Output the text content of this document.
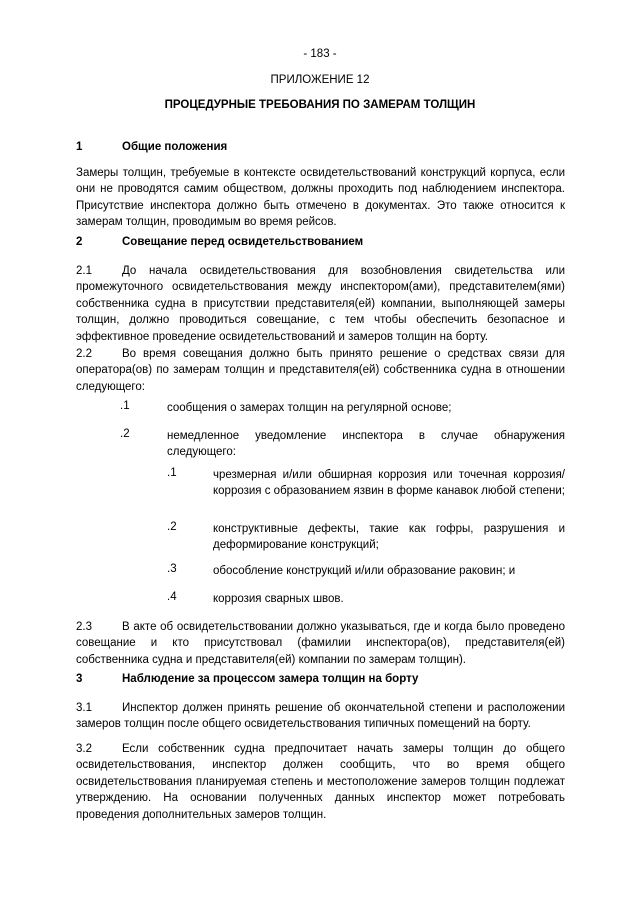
- 183 -
ПРИЛОЖЕНИЕ 12
ПРОЦЕДУРНЫЕ ТРЕБОВАНИЯ ПО ЗАМЕРАМ ТОЛЩИН
1	Общие положения
Замеры толщин, требуемые в контексте освидетельствований конструкций корпуса, если они не проводятся самим обществом, должны проходить под наблюдением инспектора. Присутствие инспектора должно быть отмечено в документах. Это также относится к замерам толщин, проводимым во время рейсов.
2	Совещание перед освидетельствованием
2.1	До начала освидетельствования для возобновления свидетельства или промежуточного освидетельствования между инспектором(ами), представителем(ями) собственника судна в присутствии представителя(ей) компании, выполняющей замеры толщин, должно проводиться совещание, с тем чтобы обеспечить безопасное и эффективное проведение освидетельствований и замеров толщин на борту.
2.2	Во время совещания должно быть принято решение о средствах связи для оператора(ов) по замерам толщин и представителя(ей) собственника судна в отношении следующего:
.1	сообщения о замерах толщин на регулярной основе;
.2	немедленное уведомление инспектора в случае обнаружения следующего:
.1	чрезмерная и/или обширная коррозия или точечная коррозия/коррозия с образованием язвин в форме канавок любой степени;
.2	конструктивные дефекты, такие как гофры, разрушения и деформирование конструкций;
.3	обособление конструкций и/или образование раковин; и
.4	коррозия сварных швов.
2.3	В акте об освидетельствовании должно указываться, где и когда было проведено совещание и кто присутствовал (фамилии инспектора(ов), представителя(ей) собственника судна и представителя(ей) компании по замерам толщин).
3	Наблюдение за процессом замера толщин на борту
3.1	Инспектор должен принять решение об окончательной степени и расположении замеров толщин после общего освидетельствования типичных помещений на борту.
3.2	Если собственник судна предпочитает начать замеры толщин до общего освидетельствования, инспектор должен сообщить, что во время общего освидетельствования планируемая степень и местоположение замеров толщин подлежат утверждению. На основании полученных данных инспектор может потребовать проведения дополнительных замеров толщин.
